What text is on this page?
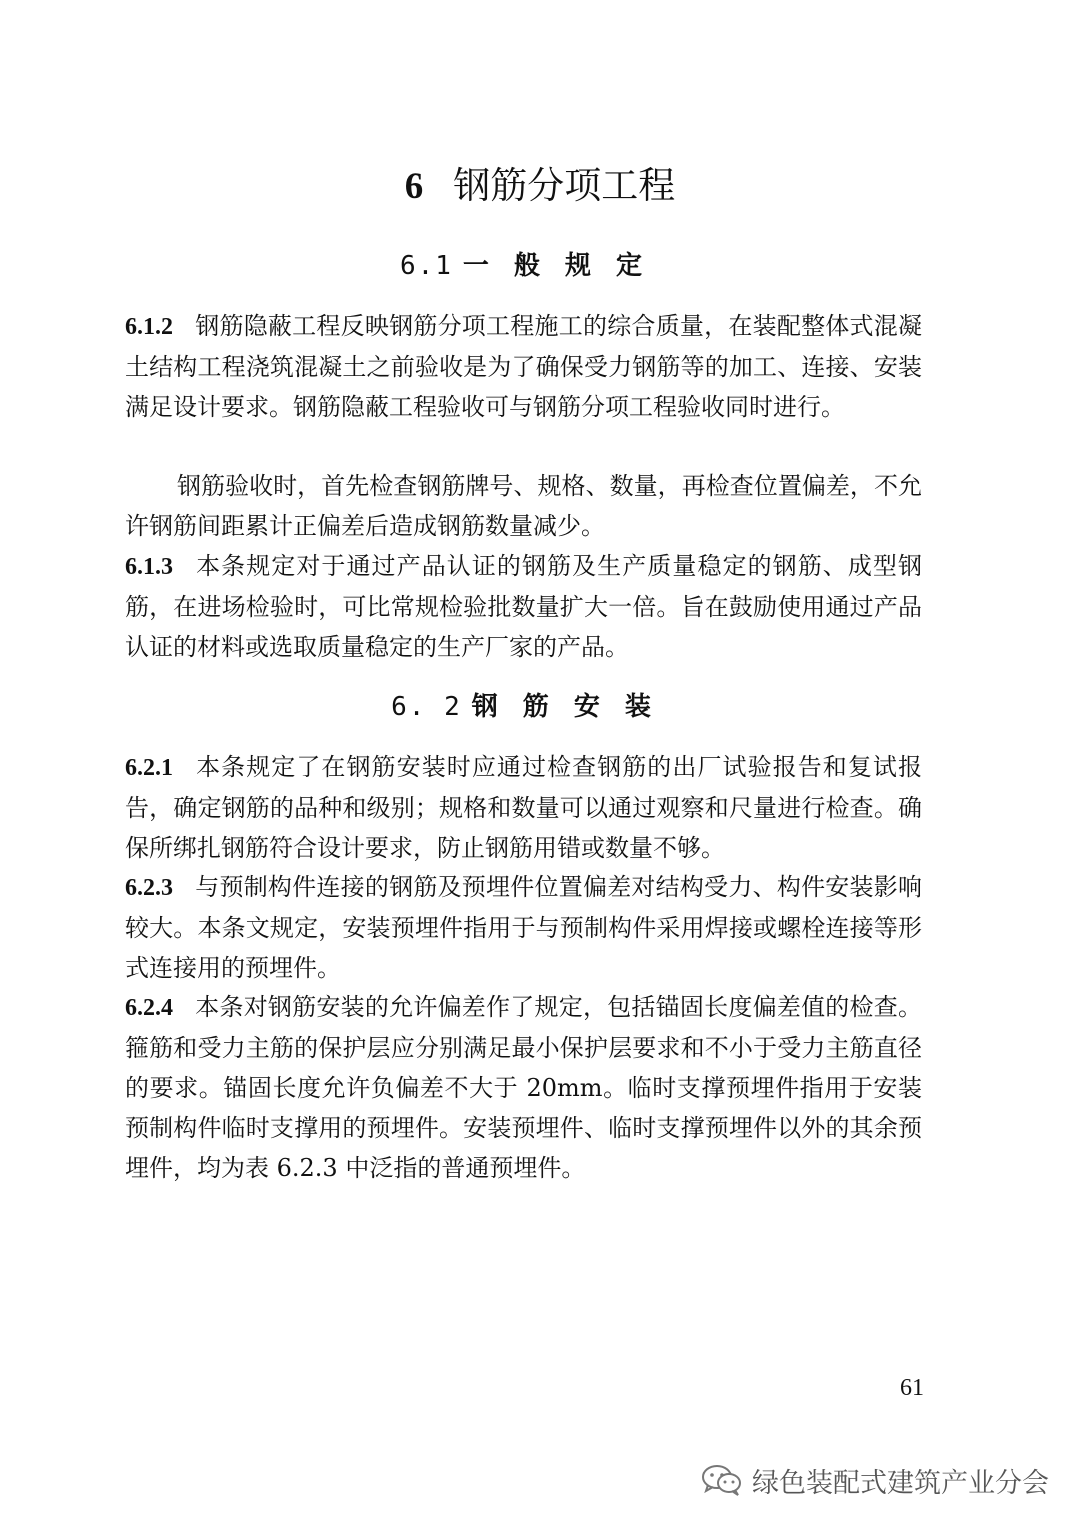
6 钢筋分项工程
6.1 一 般 规 定

6.1.2 钢筋隐蔽工程反映钢筋分项工程施工的综合质量，在装配整体式混凝土结构工程浇筑混凝土之前验收是为了确保受力钢筋等的加工、连接、安装满足设计要求。钢筋隐蔽工程验收可与钢筋分项工程验收同时进行。

钢筋验收时，首先检查钢筋牌号、规格、数量，再检查位置偏差，不允许钢筋间距累计正偏差后造成钢筋数量减少。

6.1.3 本条规定对于通过产品认证的钢筋及生产质量稳定的钢筋、成型钢筋，在进场检验时，可比常规检验批数量扩大一倍。旨在鼓励使用通过产品认证的材料或选取质量稳定的生产厂家的产品。

6. 2 钢 筋 安 装

6.2.1 本条规定了在钢筋安装时应通过检查钢筋的出厂试验报告和复试报告，确定钢筋的品种和级别；规格和数量可以通过观察和尺量进行检查。确保所绑扎钢筋符合设计要求，防止钢筋用错或数量不够。

6.2.3 与预制构件连接的钢筋及预埋件位置偏差对结构受力、构件安装影响较大。本条文规定，安装预埋件指用于与预制构件采用焊接或螺栓连接等形式连接用的预埋件。

6.2.4 本条对钢筋安装的允许偏差作了规定，包括锚固长度偏差值的检查。箍筋和受力主筋的保护层应分别满足最小保护层要求和不小于受力主筋直径的要求。锚固长度允许负偏差不大于 20mm。临时支撑预埋件指用于安装预制构件临时支撑用的预埋件。安装预埋件、临时支撑预埋件以外的其余预埋件，均为表 6.2.3 中泛指的普通预埋件。

61
绿色装配式建筑产业分会
